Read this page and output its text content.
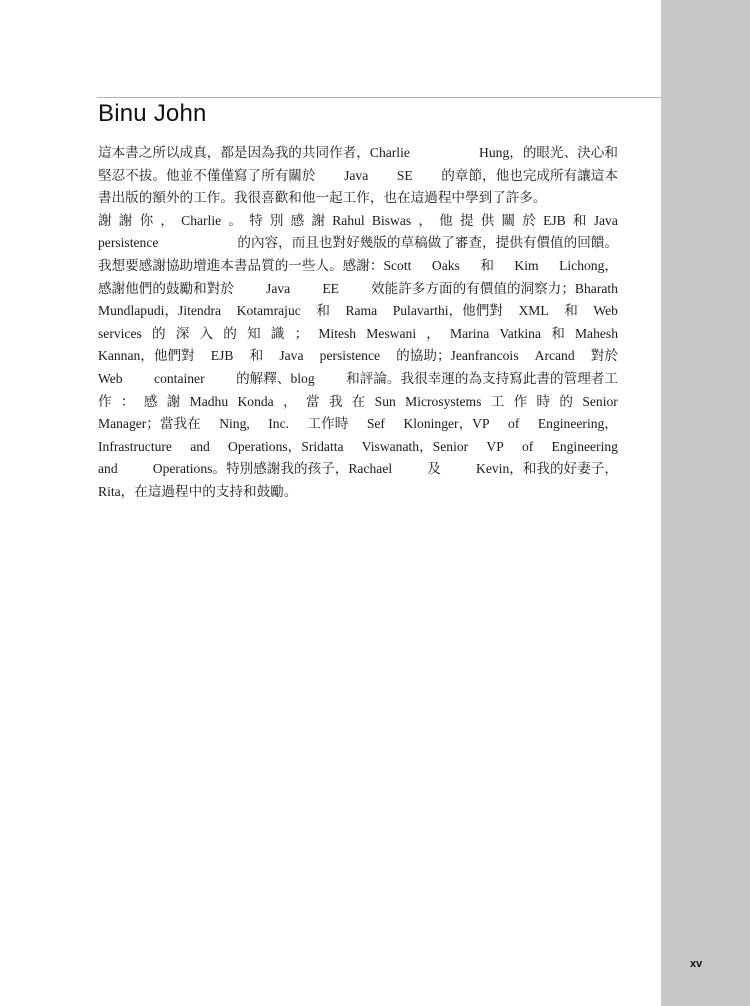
Binu John
這本書之所以成真，都是因為我的共同作者，Charlie	Hung，的眼光、決心和
堅忍不拔。他並不僅僅寫了所有關於 Java SE 的章節，他也完成所有讓這本
書出版的額外的工作。我很喜歡和他一起工作，也在這過程中學到了許多。
謝 謝 你 ， Charlie 。 特 別 感 謝 Rahul Biswas ， 他 提 供 關 於 EJB 和 Java
persistence	的內容，而且也對好幾版的草稿做了審查，提供有價值的回饋。
我想要感謝協助增進本書品質的一些人。感謝：Scott Oaks 和 Kim Lichong，
感謝他們的鼓勵和對於 Java EE 效能許多方面的有價值的洞察力；Bharath
Mundlapudi，Jitendra Kotamrajuc 和 Rama Pulavarthi，他們對 XML 和 Web
services 的 深 入 的 知 識 ； Mitesh Meswani ， Marina Vatkina 和 Mahesh
Kannan，他們對 EJB 和 Java persistence 的協助；Jeanfrancois Arcand 對於
Web container 的解釋、blog 和評論。我很幸運的為支持寫此書的管理者工
作 ： 感 謝 Madhu Konda ， 當 我 在 Sun Microsystems 工 作 時 的 Senior
Manager；當我在 Ning, Inc. 工作時 Sef Kloninger，VP of Engineering，
Infrastructure and Operations，Sridatta Viswanath，Senior VP of Engineering
and	Operations。特別感謝我的孩子，Rachael	及	Kevin，和我的好妻子，
Rita，在這過程中的支持和鼓勵。
xv
